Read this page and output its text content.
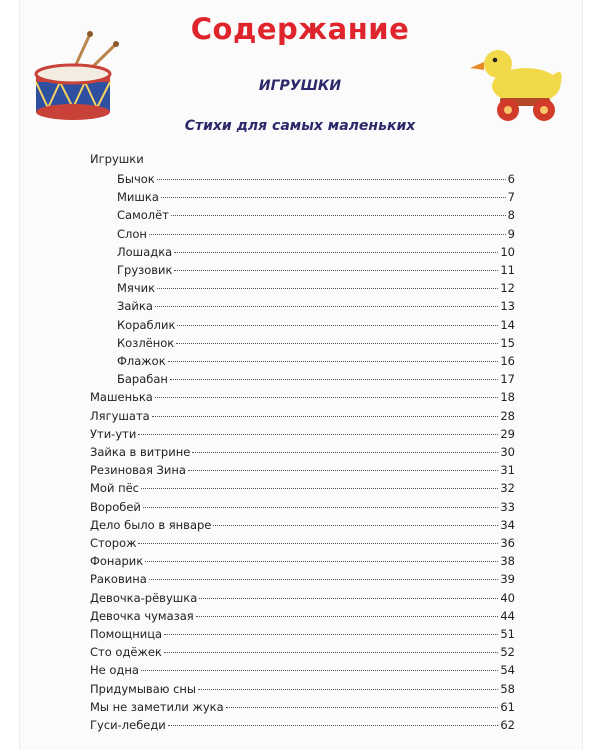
Содержание
ИГРУШКИ
Стихи для самых маленьких
Игрушки
Бычок	6
Мишка	7
Самолёт	8
Слон	9
Лошадка	10
Грузовик	11
Мячик	12
Зайка	13
Кораблик	14
Козлёнок	15
Флажок	16
Барабан	17
Машенька	18
Лягушата	28
Ути-ути	29
Зайка в витрине	30
Резиновая Зина	31
Мой пёс	32
Воробей	33
Дело было в январе	34
Сторож	36
Фонарик	38
Раковина	39
Девочка-рёвушка	40
Девочка чумазая	44
Помощница	51
Сто одёжек	52
Не одна	54
Придумываю сны	58
Мы не заметили жука	61
Гуси-лебеди	62
